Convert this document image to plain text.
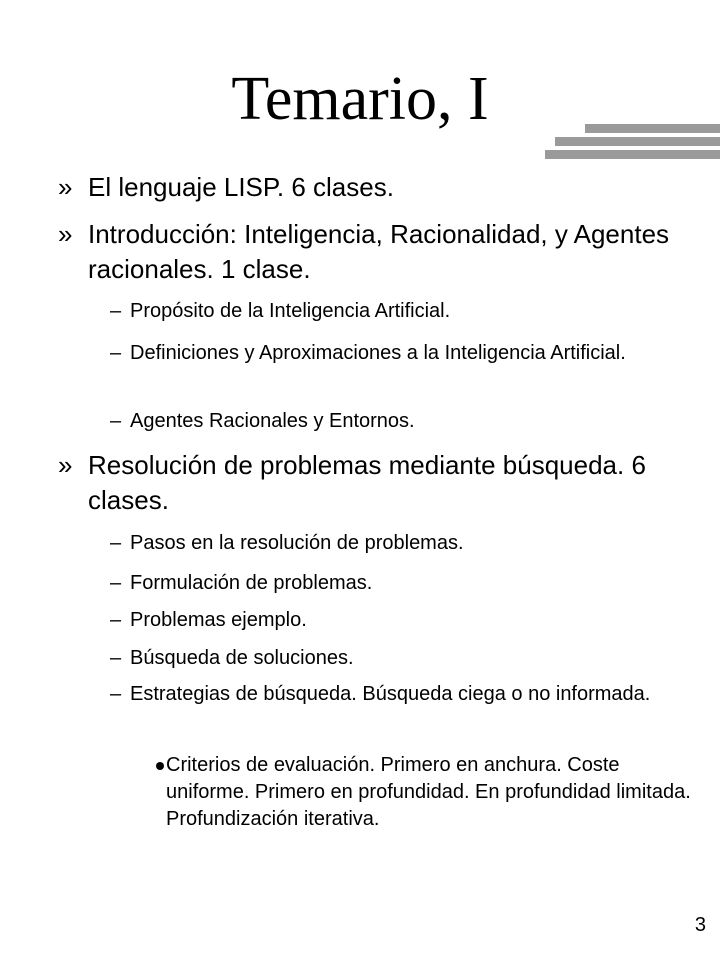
Temario, I
» El lenguaje LISP. 6 clases.
» Introducción: Inteligencia, Racionalidad, y Agentes racionales. 1 clase.
– Propósito de la Inteligencia Artificial.
– Definiciones y Aproximaciones a la Inteligencia Artificial.
– Agentes Racionales y Entornos.
» Resolución de problemas mediante búsqueda. 6 clases.
– Pasos en la resolución de problemas.
– Formulación de problemas.
– Problemas ejemplo.
– Búsqueda de soluciones.
– Estrategias de búsqueda. Búsqueda ciega o no informada.
Criterios de evaluación. Primero en anchura. Coste uniforme. Primero en profundidad. En profundidad limitada. Profundización iterativa.
3
